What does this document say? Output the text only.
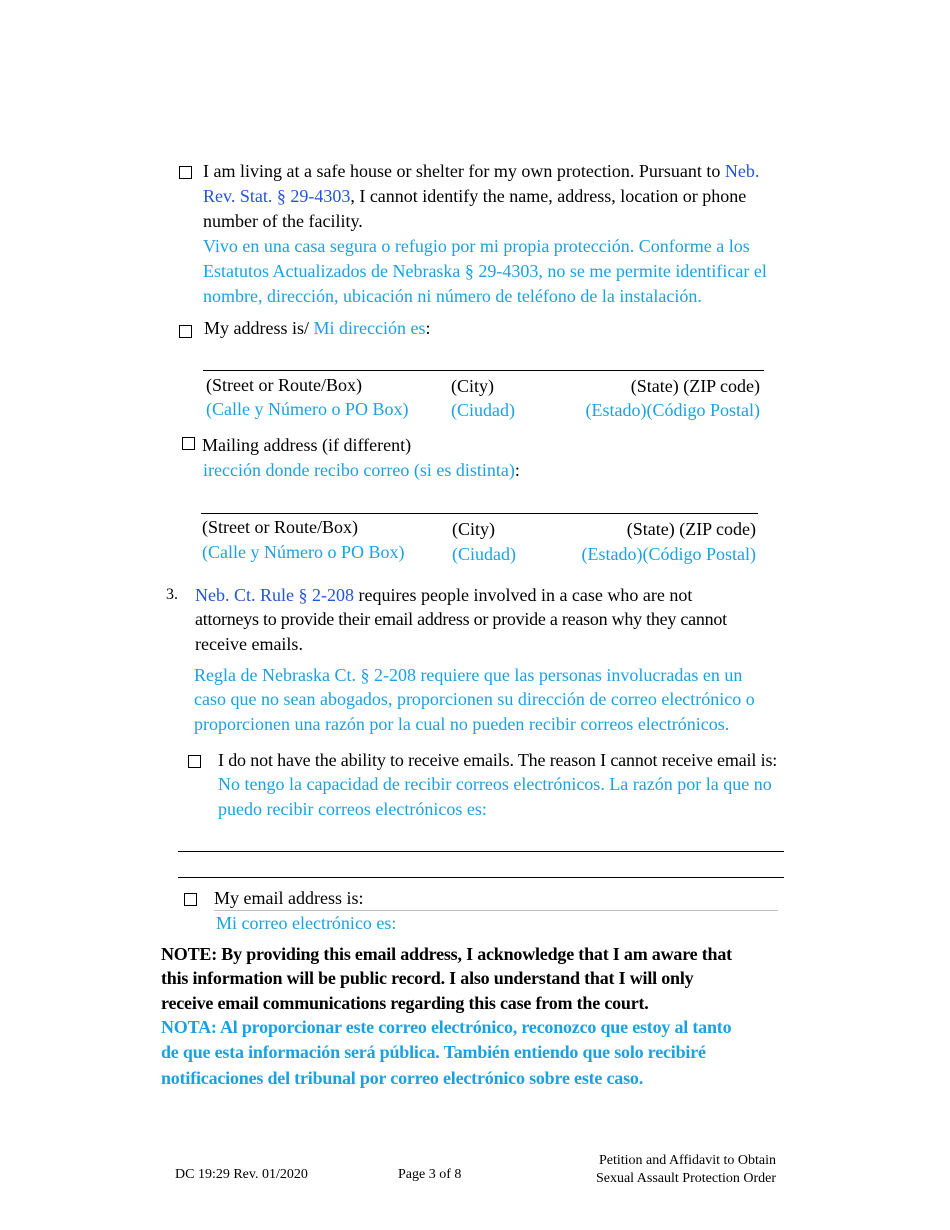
I am living at a safe house or shelter for my own protection. Pursuant to Neb.
Rev. Stat. § 29-4303, I cannot identify the name, address, location or phone
number of the facility.
Vivo en una casa segura o refugio por mi propia protección. Conforme a los
Estatutos Actualizados de Nebraska § 29-4303, no se me permite identificar el
nombre, dirección, ubicación ni número de teléfono de la instalación.
My address is/ Mi dirección es:
(Street or Route/Box)	(City)	(State) (ZIP code)
(Calle y Número o PO Box) (Ciudad)	(Estado)(Código Postal)
Mailing address (if different)
irección donde recibo correo (si es distinta):
(Street or Route/Box)	(City)	(State) (ZIP code)
(Calle y Número o PO Box)	(Ciudad)	(Estado)(Código Postal)
3. Neb. Ct. Rule § 2-208 requires people involved in a case who are not
attorneys to provide their email address or provide a reason why they cannot
receive emails.
Regla de Nebraska Ct. § 2-208 requiere que las personas involucradas en un
caso que no sean abogados, proporcionen su dirección de correo electrónico o
proporcionen una razón por la cual no pueden recibir correos electrónicos.
I do not have the ability to receive emails. The reason I cannot receive email is:
No tengo la capacidad de recibir correos electrónicos. La razón por la que no
puedo recibir correos electrónicos es:
My email address is:
Mi correo electrónico es:
NOTE: By providing this email address, I acknowledge that I am aware that
this information will be public record. I also understand that I will only
receive email communications regarding this case from the court.
NOTA: Al proporcionar este correo electrónico, reconozco que estoy al tanto
de que esta información será pública. También entiendo que solo recibiré
notificaciones del tribunal por correo electrónico sobre este caso.
DC 19:29 Rev. 01/2020	Page 3 of 8
Petition and Affidavit to Obtain
Sexual Assault Protection Order
